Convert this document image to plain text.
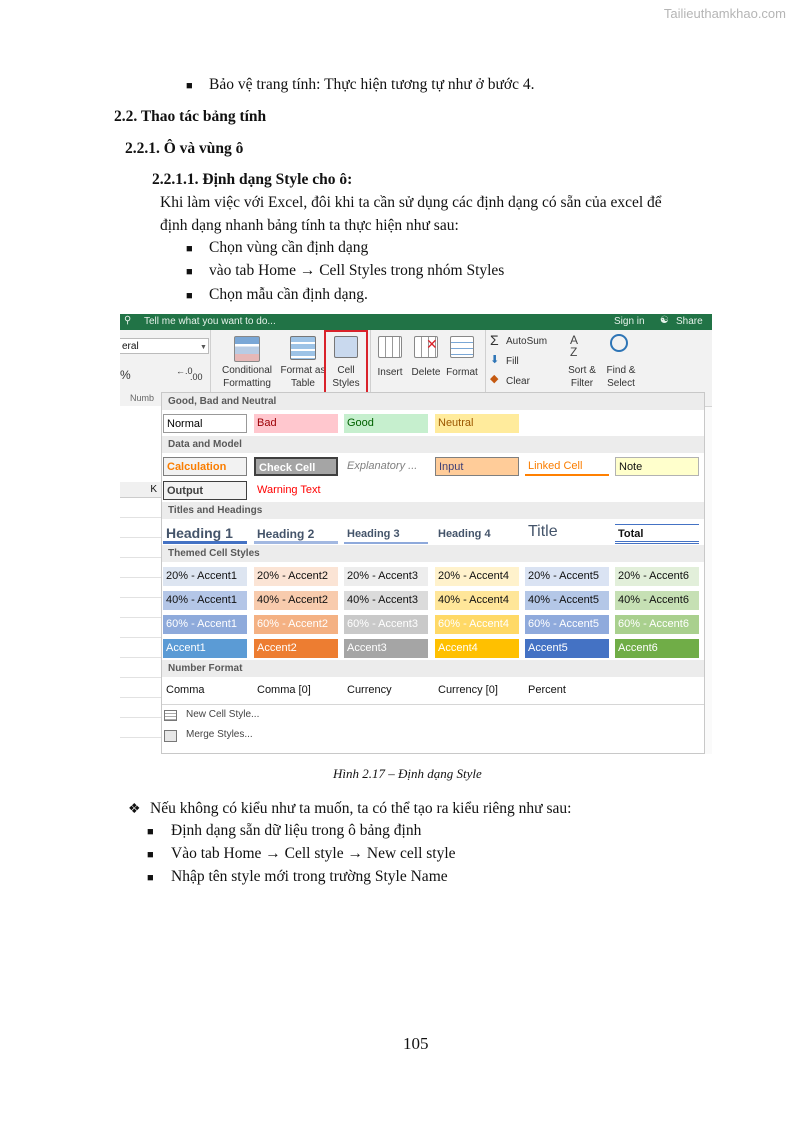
Tailieuthamkhao.com
■ Bảo vệ trang tính: Thực hiện tương tự như ở bước 4.
2.2. Thao tác bảng tính
2.2.1. Ô và vùng ô
2.2.1.1. Định dạng Style cho ô:
Khi làm việc với Excel, đôi khi ta cần sử dụng các định dạng có sẵn của excel để
định dạng nhanh bảng tính ta thực hiện như sau:
■ Chọn vùng cần định dạng
■ vào tab Home → Cell Styles trong nhóm Styles
■ Chọn mẫu cần định dạng.
⚲ Tell me what you want to do...	Sign in ☯ Share
eral	▼
%	←.0
.00
Numb
Conditional
Formatting
Format as
Table
Cell
Styles
Insert
✕
Delete Format
Σ AutoSum
⬇ Fill
◆ Clear
A
Z
Sort &
Filter
Find &
Select
K
Good, Bad and Neutral
Normal	Bad	Good	Neutral
Data and Model
Calculation	Check Cell	Explanatory ...	Input	Linked Cell	Note
Output	Warning Text
Titles and Headings
Heading 1	Heading 2	Heading 3	Heading 4	Title	Total
Themed Cell Styles
20% - Accent1	20% - Accent2	20% - Accent3	20% - Accent4	20% - Accent5	20% - Accent6
40% - Accent1	40% - Accent2	40% - Accent3	40% - Accent4	40% - Accent5	40% - Accent6
60% - Accent1	60% - Accent2	60% - Accent3	60% - Accent4	60% - Accent5	60% - Accent6
Accent1	Accent2	Accent3	Accent4	Accent5	Accent6
Number Format
Comma	Comma [0]	Currency	Currency [0]	Percent
New Cell Style...
Merge Styles...
Hình 2.17 – Định dạng Style
❖ Nếu không có kiểu như ta muốn, ta có thể tạo ra kiểu riêng như sau:
■ Định dạng sẵn dữ liệu trong ô bảng định
■ Vào tab Home → Cell style → New cell style
■ Nhập tên style mới trong trường Style Name
105
